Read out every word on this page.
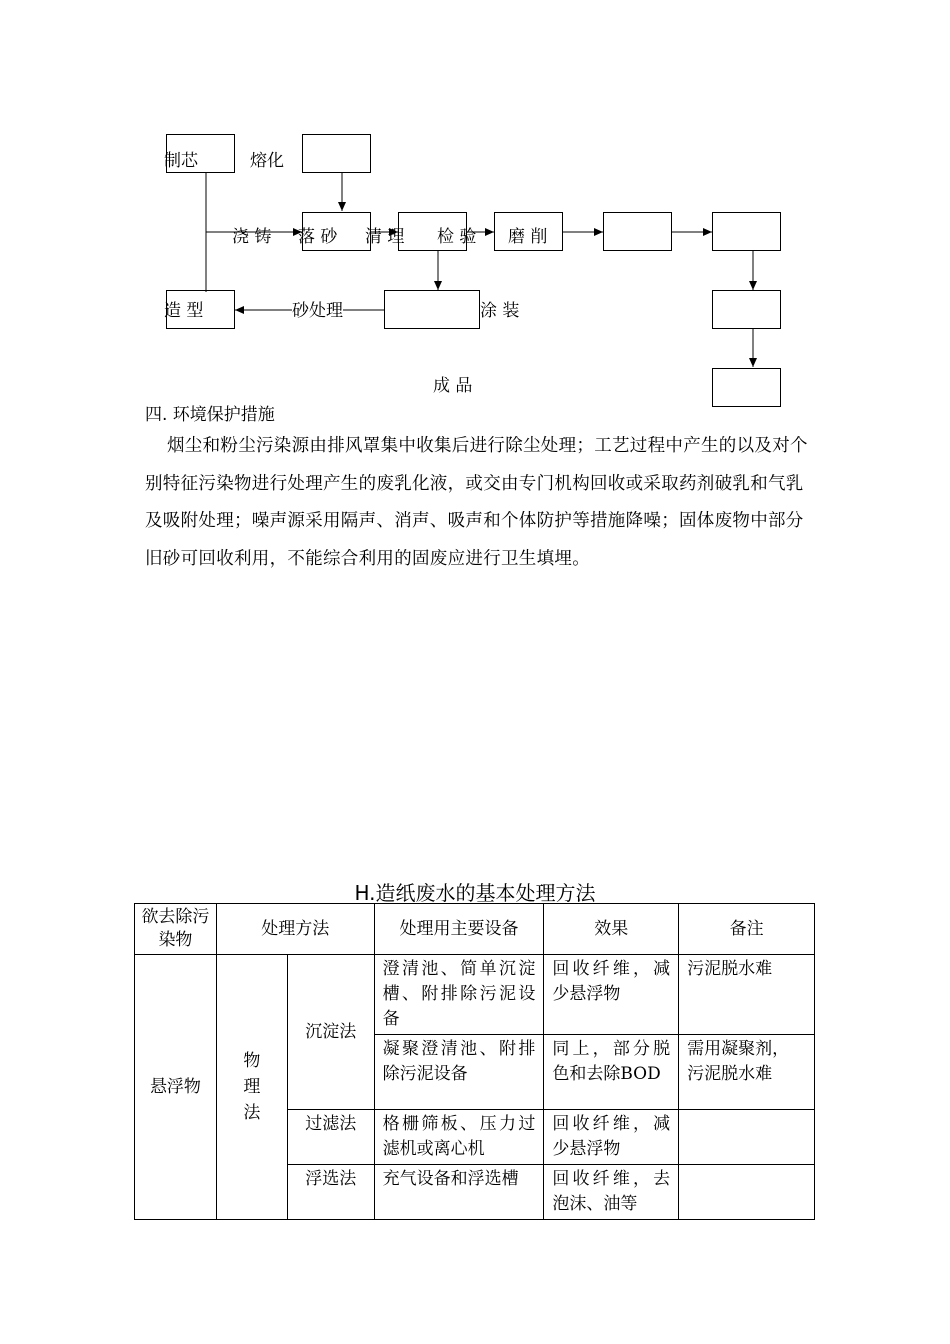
制芯	熔化
浇 铸 落 砂 清 理 检 验 磨 削
造 型	砂处理	涂 装
成 品
四. 环境保护措施
烟尘和粉尘污染源由排风罩集中收集后进行除尘处理；工艺过程中产生的以及对个别特征污染物进行处理产生的废乳化液，或交由专门机构回收或采取药剂破乳和气乳及吸附处理；噪声源采用隔声、消声、吸声和个体防护等措施降噪；固体废物中部分旧砂可回收利用，不能综合利用的固废应进行卫生填埋。
H.造纸废水的基本处理方法
欲去除污染物	处理方法		处理用主要设备	效果	备注
悬浮物	物理法	沉淀法	澄清池、简单沉淀槽、附排除污泥设备	回收纤维，减少悬浮物	污泥脱水难
			凝聚澄清池、附排除污泥设备	同上，部分脱色和去除BOD	需用凝聚剂，污泥脱水难
		过滤法	格栅筛板、压力过滤机或离心机	回收纤维，减少悬浮物	
		浮选法	充气设备和浮选槽	回收纤维，去泡沫、油等	
